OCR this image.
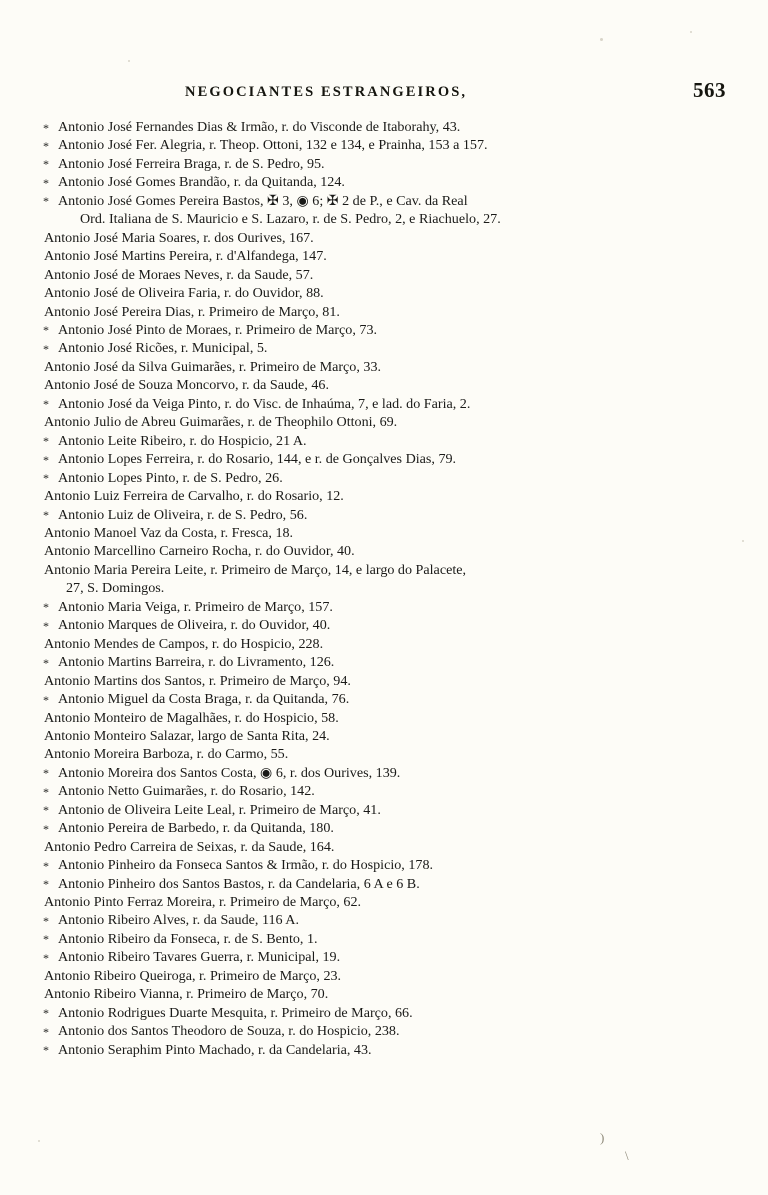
)
\
NEGOCIANTES ESTRANGEIROS,	563
* Antonio José Fernandes Dias & Irmão, r. do Visconde de Itaborahy, 43.
* Antonio José Fer. Alegria, r. Theop. Ottoni, 132 e 134, e Prainha, 153 a 157.
* Antonio José Ferreira Braga, r. de S. Pedro, 95.
* Antonio José Gomes Brandão, r. da Quitanda, 124.
* Antonio José Gomes Pereira Bastos, ✠ 3, ◉ 6; ✠ 2 de P., e Cav. da Real
Ord. Italiana de S. Mauricio e S. Lazaro, r. de S. Pedro, 2, e Riachuelo, 27.
Antonio José Maria Soares, r. dos Ourives, 167.
Antonio José Martins Pereira, r. d'Alfandega, 147.
Antonio José de Moraes Neves, r. da Saude, 57.
Antonio José de Oliveira Faria, r. do Ouvidor, 88.
Antonio José Pereira Dias, r. Primeiro de Março, 81.
* Antonio José Pinto de Moraes, r. Primeiro de Março, 73.
* Antonio José Ricões, r. Municipal, 5.
Antonio José da Silva Guimarães, r. Primeiro de Março, 33.
Antonio José de Souza Moncorvo, r. da Saude, 46.
* Antonio José da Veiga Pinto, r. do Visc. de Inhaúma, 7, e lad. do Faria, 2.
Antonio Julio de Abreu Guimarães, r. de Theophilo Ottoni, 69.
* Antonio Leite Ribeiro, r. do Hospicio, 21 A.
* Antonio Lopes Ferreira, r. do Rosario, 144, e r. de Gonçalves Dias, 79.
* Antonio Lopes Pinto, r. de S. Pedro, 26.
Antonio Luiz Ferreira de Carvalho, r. do Rosario, 12.
* Antonio Luiz de Oliveira, r. de S. Pedro, 56.
Antonio Manoel Vaz da Costa, r. Fresca, 18.
Antonio Marcellino Carneiro Rocha, r. do Ouvidor, 40.
Antonio Maria Pereira Leite, r. Primeiro de Março, 14, e largo do Palacete,
27, S. Domingos.
* Antonio Maria Veiga, r. Primeiro de Março, 157.
* Antonio Marques de Oliveira, r. do Ouvidor, 40.
Antonio Mendes de Campos, r. do Hospicio, 228.
* Antonio Martins Barreira, r. do Livramento, 126.
Antonio Martins dos Santos, r. Primeiro de Março, 94.
* Antonio Miguel da Costa Braga, r. da Quitanda, 76.
Antonio Monteiro de Magalhães, r. do Hospicio, 58.
Antonio Monteiro Salazar, largo de Santa Rita, 24.
Antonio Moreira Barboza, r. do Carmo, 55.
* Antonio Moreira dos Santos Costa, ◉ 6, r. dos Ourives, 139.
* Antonio Netto Guimarães, r. do Rosario, 142.
* Antonio de Oliveira Leite Leal, r. Primeiro de Março, 41.
* Antonio Pereira de Barbedo, r. da Quitanda, 180.
Antonio Pedro Carreira de Seixas, r. da Saude, 164.
* Antonio Pinheiro da Fonseca Santos & Irmão, r. do Hospicio, 178.
* Antonio Pinheiro dos Santos Bastos, r. da Candelaria, 6 A e 6 B.
Antonio Pinto Ferraz Moreira, r. Primeiro de Março, 62.
* Antonio Ribeiro Alves, r. da Saude, 116 A.
* Antonio Ribeiro da Fonseca, r. de S. Bento, 1.
* Antonio Ribeiro Tavares Guerra, r. Municipal, 19.
Antonio Ribeiro Queiroga, r. Primeiro de Março, 23.
Antonio Ribeiro Vianna, r. Primeiro de Março, 70.
* Antonio Rodrigues Duarte Mesquita, r. Primeiro de Março, 66.
* Antonio dos Santos Theodoro de Souza, r. do Hospicio, 238.
* Antonio Seraphim Pinto Machado, r. da Candelaria, 43.
